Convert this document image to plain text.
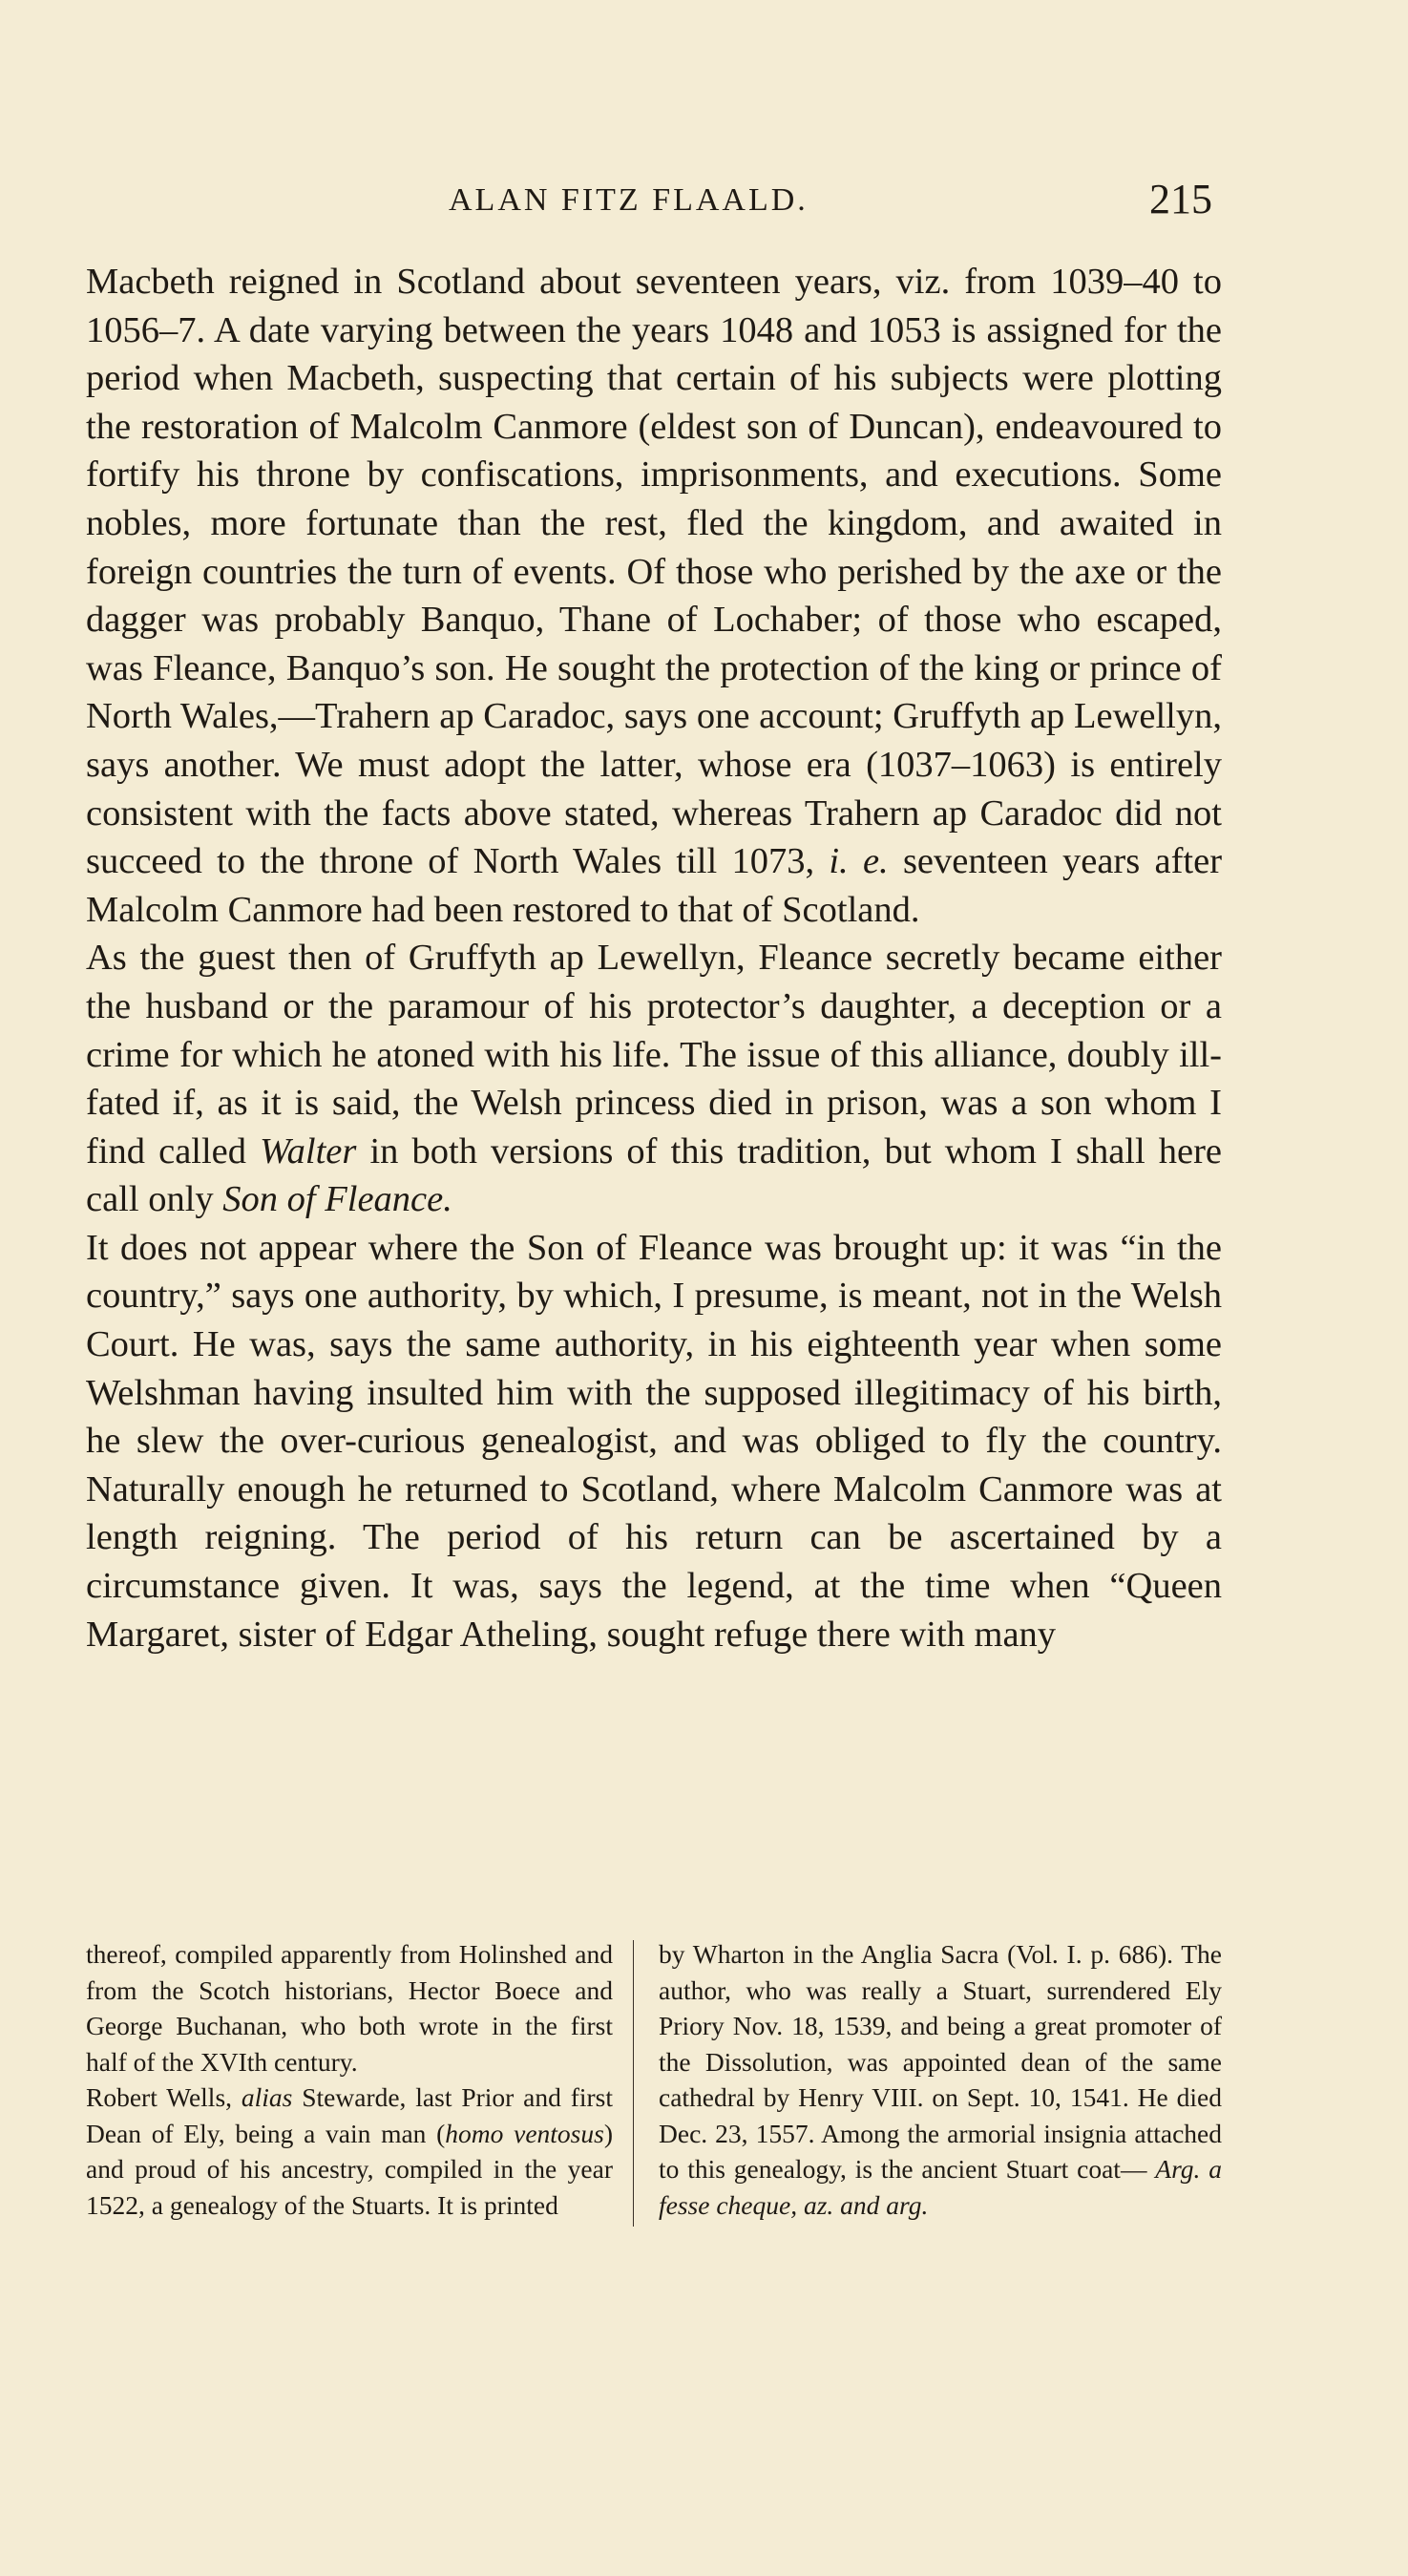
ALAN FITZ FLAALD.	215

Macbeth reigned in Scotland about seventeen years, viz. from 1039–40 to 1056–7. A date varying between the years 1048 and 1053 is assigned for the period when Macbeth, suspecting that certain of his subjects were plotting the restoration of Malcolm Canmore (eldest son of Duncan), endeavoured to fortify his throne by confiscations, imprisonments, and executions. Some nobles, more fortunate than the rest, fled the kingdom, and awaited in foreign countries the turn of events. Of those who perished by the axe or the dagger was probably Banquo, Thane of Lochaber; of those who escaped, was Fleance, Banquo’s son. He sought the protection of the king or prince of North Wales,—Trahern ap Caradoc, says one account; Gruffyth ap Lewellyn, says another. We must adopt the latter, whose era (1037–1063) is entirely consistent with the facts above stated, whereas Trahern ap Caradoc did not succeed to the throne of North Wales till 1073, i. e. seventeen years after Malcolm Canmore had been restored to that of Scotland.

As the guest then of Gruffyth ap Lewellyn, Fleance secretly became either the husband or the paramour of his protector’s daughter, a deception or a crime for which he atoned with his life. The issue of this alliance, doubly ill-fated if, as it is said, the Welsh princess died in prison, was a son whom I find called Walter in both versions of this tradition, but whom I shall here call only Son of Fleance.

It does not appear where the Son of Fleance was brought up: it was “in the country,” says one authority, by which, I presume, is meant, not in the Welsh Court. He was, says the same authority, in his eighteenth year when some Welshman having insulted him with the supposed illegitimacy of his birth, he slew the over-curious genealogist, and was obliged to fly the country. Naturally enough he returned to Scotland, where Malcolm Canmore was at length reigning. The period of his return can be ascertained by a circumstance given. It was, says the legend, at the time when “Queen Margaret, sister of Edgar Atheling, sought refuge there with many

thereof, compiled apparently from Holinshed and from the Scotch historians, Hector Boece and George Buchanan, who both wrote in the first half of the XVIth century.

Robert Wells, alias Stewarde, last Prior and first Dean of Ely, being a vain man (homo ventosus) and proud of his ancestry, compiled in the year 1522, a genealogy of the Stuarts. It is printed

by Wharton in the Anglia Sacra (Vol. I. p. 686). The author, who was really a Stuart, surrendered Ely Priory Nov. 18, 1539, and being a great promoter of the Dissolution, was appointed dean of the same cathedral by Henry VIII. on Sept. 10, 1541. He died Dec. 23, 1557. Among the armorial insignia attached to this genealogy, is the ancient Stuart coat— Arg. a fesse cheque, az. and arg.
